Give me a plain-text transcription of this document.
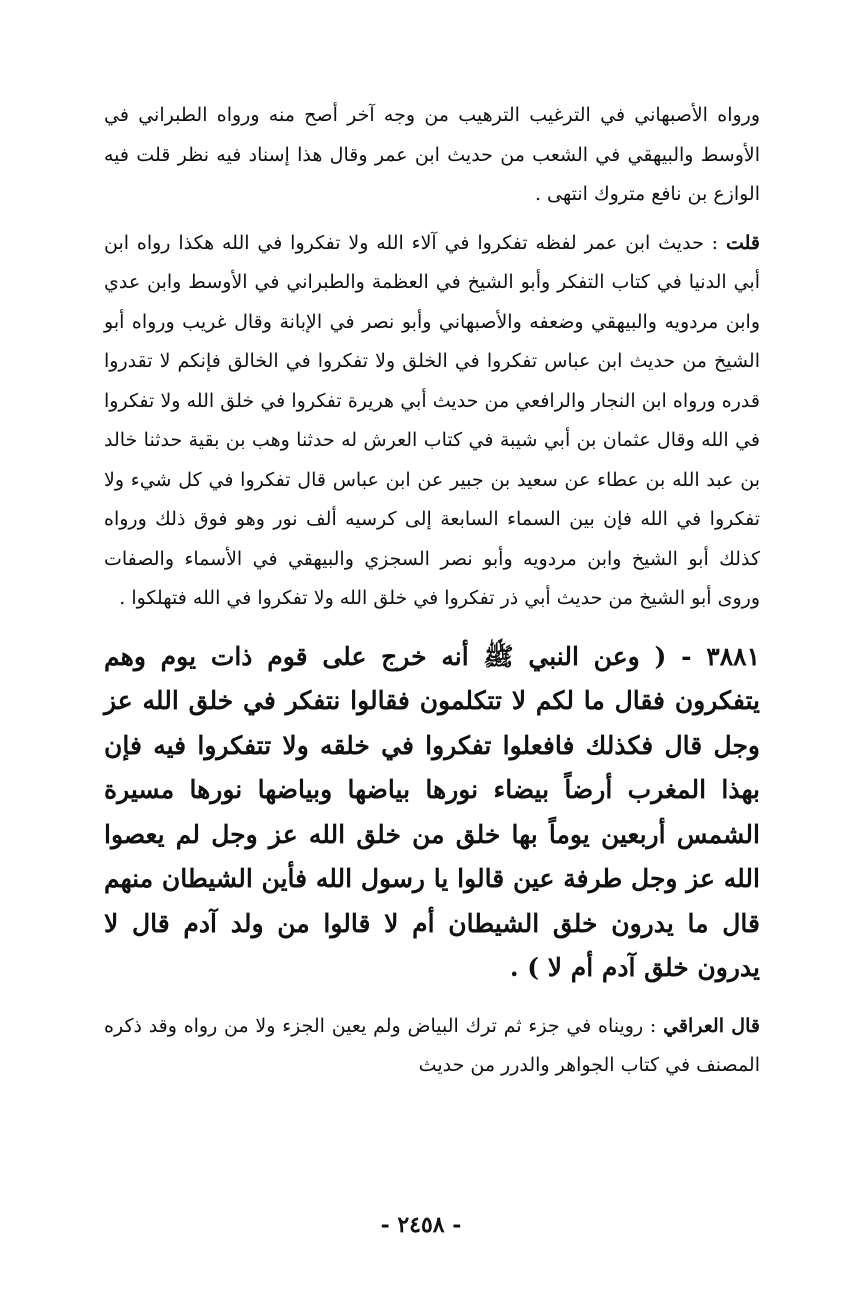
ورواه الأصبهاني في الترغيب الترهيب من وجه آخر أصح منه ورواه الطبراني في الأوسط والبيهقي في الشعب من حديث ابن عمر وقال هذا إسناد فيه نظر قلت فيه الوازع بن نافع متروك انتهى .

قلت : حديث ابن عمر لفظه تفكروا في آلاء الله ولا تفكروا في الله هكذا رواه ابن أبي الدنيا في كتاب التفكر وأبو الشيخ في العظمة والطبراني في الأوسط وابن عدي وابن مردويه والبيهقي وضعفه والأصبهاني وأبو نصر في الإبانة وقال غريب ورواه أبو الشيخ من حديث ابن عباس تفكروا في الخلق ولا تفكروا في الخالق فإنكم لا تقدروا قدره ورواه ابن النجار والرافعي من حديث أبي هريرة تفكروا في خلق الله ولا تفكروا في الله وقال عثمان بن أبي شيبة في كتاب العرش له حدثنا وهب بن بقية حدثنا خالد بن عبد الله بن عطاء عن سعيد بن جبير عن ابن عباس قال تفكروا في كل شيء ولا تفكروا في الله فإن بين السماء السابعة إلى كرسيه ألف نور وهو فوق ذلك ورواه كذلك أبو الشيخ وابن مردويه وأبو نصر السجزي والبيهقي في الأسماء والصفات وروى أبو الشيخ من حديث أبي ذر تفكروا في خلق الله ولا تفكروا في الله فتهلكوا .

٣٨٨١ - ( وعن النبي ﷺ أنه خرج على قوم ذات يوم وهم يتفكرون فقال ما لكم لا تتكلمون فقالوا نتفكر في خلق الله عز وجل قال فكذلك فافعلوا تفكروا في خلقه ولا تتفكروا فيه فإن بهذا المغرب أرضاً بيضاء نورها بياضها وبياضها نورها مسيرة الشمس أربعين يوماً بها خلق من خلق الله عز وجل لم يعصوا الله عز وجل طرفة عين قالوا يا رسول الله فأين الشيطان منهم قال ما يدرون خلق الشيطان أم لا قالوا من ولد آدم قال لا يدرون خلق آدم أم لا ) .

قال العراقي : رويناه في جزء ثم ترك البياض ولم يعين الجزء ولا من رواه وقد ذكره المصنف في كتاب الجواهر والدرر من حديث

- ٢٤٥٨ -
